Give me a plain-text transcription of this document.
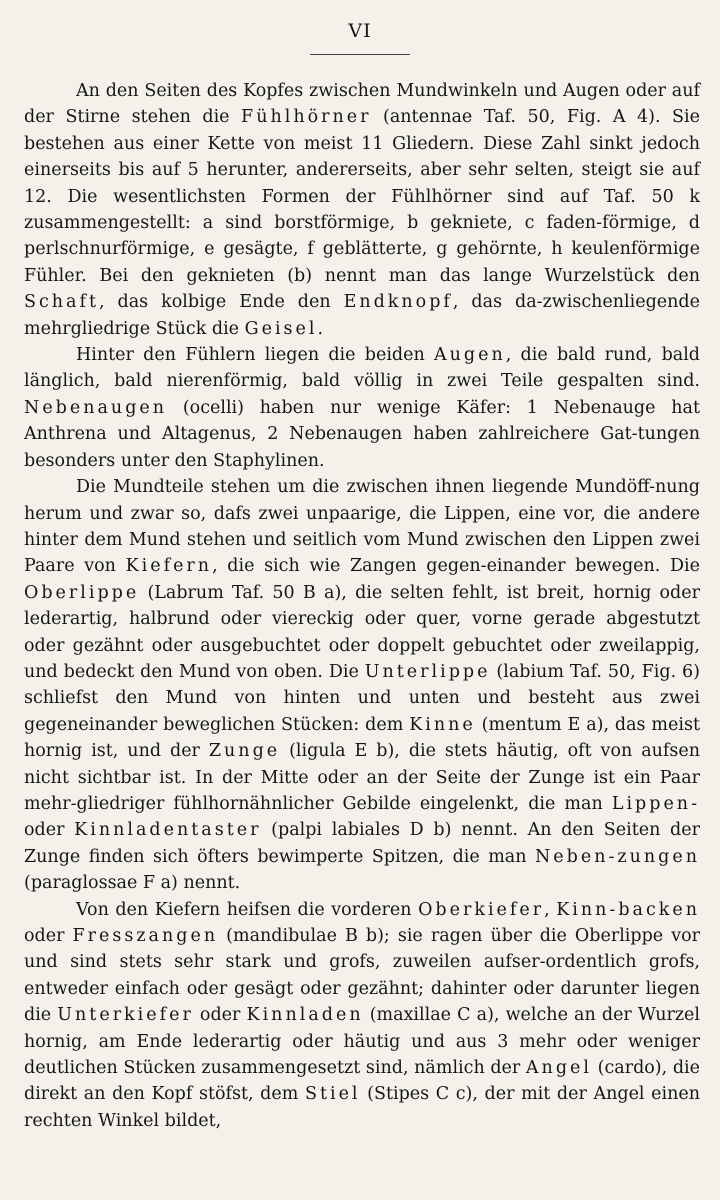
VI

An den Seiten des Kopfes zwischen Mundwinkeln und Augen oder auf der Stirne stehen die Fühlhörner (antennae Taf. 50, Fig. A 4). Sie bestehen aus einer Kette von meist 11 Gliedern. Diese Zahl sinkt jedoch einerseits bis auf 5 herunter, andererseits, aber sehr selten, steigt sie auf 12. Die wesentlichsten Formen der Fühlhörner sind auf Taf. 50 k zusammengestellt: a sind borstförmige, b geknietе, c faden-förmige, d perlschnurförmige, e gesägte, f geblätterte, g gehörnte, h keulenförmige Fühler. Bei den geknieten (b) nennt man das lange Wurzelstück den Schaft, das kolbige Ende den Endknopf, das da-zwischenliegende mehrgliedrige Stück die Geisel.

Hinter den Fühlern liegen die beiden Augen, die bald rund, bald länglich, bald nierenförmig, bald völlig in zwei Teile gespalten sind. Nebenaugen (ocelli) haben nur wenige Käfer: 1 Nebenauge hat Anthrena und Altagenus, 2 Nebenaugen haben zahlreichere Gat-tungen besonders unter den Staphylinen.

Die Mundteile stehen um die zwischen ihnen liegende Mundöff-nung herum und zwar so, dafs zwei unpaarige, die Lippen, eine vor, die andere hinter dem Mund stehen und seitlich vom Mund zwischen den Lippen zwei Paare von Kiefern, die sich wie Zangen gegen-einander bewegen. Die Oberlippe (Labrum Taf. 50 B a), die selten fehlt, ist breit, hornig oder lederartig, halbrund oder viereckig oder quer, vorne gerade abgestutzt oder gezähnt oder ausgebuchtet oder doppelt gebuchtet oder zweilappig, und bedeckt den Mund von oben. Die Unterlippe (labium Taf. 50, Fig. 6) schliefst den Mund von hinten und unten und besteht aus zwei gegeneinander beweglichen Stücken: dem Kinne (mentum E a), das meist hornig ist, und der Zunge (ligula E b), die stets häutig, oft von aufsen nicht sichtbar ist. In der Mitte oder an der Seite der Zunge ist ein Paar mehr-gliedriger fühlhornähnlicher Gebilde eingelenkt, die man Lippen- oder Kinnladentaster (palpi labiales D b) nennt. An den Seiten der Zunge finden sich öfters bewimperte Spitzen, die man Neben-zungen (paraglossae F a) nennt.

Von den Kiefern heifsen die vorderen Oberkiefer, Kinn-backen oder Fresszangen (mandibulae B b); sie ragen über die Oberlippe vor und sind stets sehr stark und grofs, zuweilen aufser-ordentlich grofs, entweder einfach oder gesägt oder gezähnt; dahinter oder darunter liegen die Unterkiefer oder Kinnladen (maxillae C a), welche an der Wurzel hornig, am Ende lederartig oder häutig und aus 3 mehr oder weniger deutlichen Stücken zusammengesetzt sind, nämlich der Angel (cardo), die direkt an den Kopf stöfst, dem Stiel (Stipes C c), der mit der Angel einen rechten Winkel bildet,
